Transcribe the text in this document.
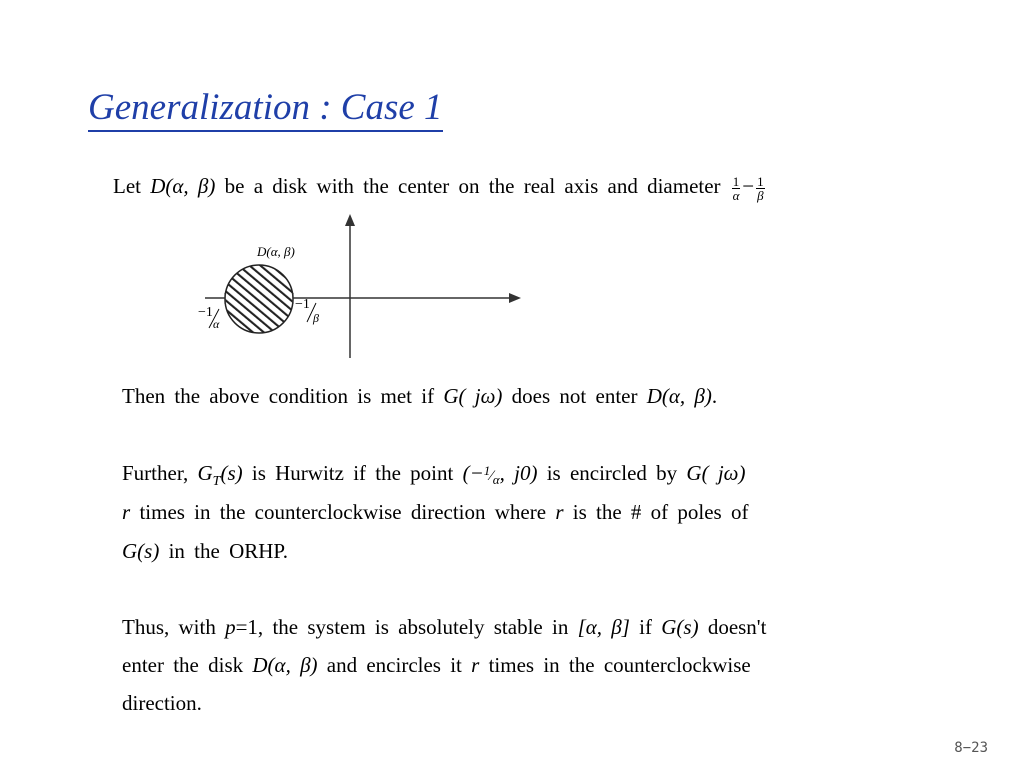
Generalization : Case 1
Let D(α, β) be a disk with the center on the real axis and diameter $\frac{1}{\alpha} - \frac{1}{\beta}$
D(α, β)
−1
α
−1
β
Then the above condition is met if G( jω) does not enter D(α, β).
Further, $G_T(s)$ is Hurwitz if the point ($-^1⁄_\alpha$, j0) is encircled by G( jω)
r times in the counterclockwise direction where r is the # of poles of
G(s) in the ORHP.
Thus, with p=1, the system is absolutely stable in [α, β] if G(s) doesn't
enter the disk D(α, β) and encircles it r times in the counterclockwise
direction.
8−23
